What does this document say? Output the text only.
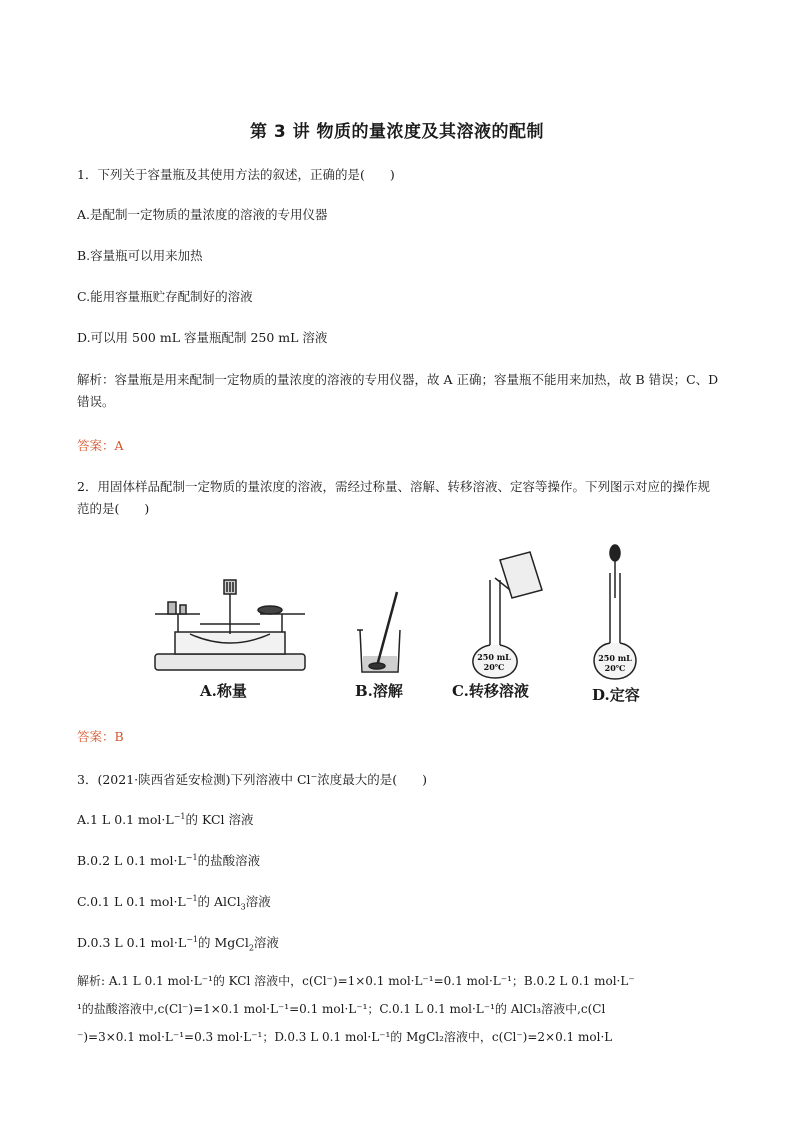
第 3 讲 物质的量浓度及其溶液的配制
1．下列关于容量瓶及其使用方法的叙述，正确的是(　　)
A.是配制一定物质的量浓度的溶液的专用仪器
B.容量瓶可以用来加热
C.能用容量瓶贮存配制好的溶液
D.可以用 500 mL 容量瓶配制 250 mL 溶液
解析：容量瓶是用来配制一定物质的量浓度的溶液的专用仪器，故 A 正确；容量瓶不能用来加热，故 B 错误；C、D 错误。
答案：A
2．用固体样品配制一定物质的量浓度的溶液，需经过称量、溶解、转移溶液、定容等操作。下列图示对应的操作规范的是(　　)
A.称量	B.溶解
250 mL
20℃
C.转移溶液
250 mL
20℃
D.定容
答案：B
3．(2021·陕西省延安检测)下列溶液中 Cl−浓度最大的是(　　)
A.1 L 0.1 $mol\cdot L^{-1}$的 KCl 溶液
B.0.2 L 0.1 $mol\cdot L^{-1}$的盐酸溶液
C.0.1 L 0.1 $mol\cdot L^{-1}$的 AlCl$_3$溶液
D.0.3 L 0.1 $mol\cdot L^{-1}$的 MgCl$_2$溶液
解析: A.1 L 0.1 mol·L⁻¹的 KCl 溶液中，c(Cl⁻)=1×0.1 mol·L⁻¹=0.1 mol·L⁻¹；B.0.2 L 0.1 mol·L⁻
¹的盐酸溶液中,c(Cl⁻)=1×0.1 mol·L⁻¹=0.1 mol·L⁻¹；C.0.1 L 0.1 mol·L⁻¹的 AlCl₃溶液中,c(Cl
⁻)=3×0.1 mol·L⁻¹=0.3 mol·L⁻¹；D.0.3 L 0.1 mol·L⁻¹的 MgCl₂溶液中，c(Cl⁻)=2×0.1 mol·L
